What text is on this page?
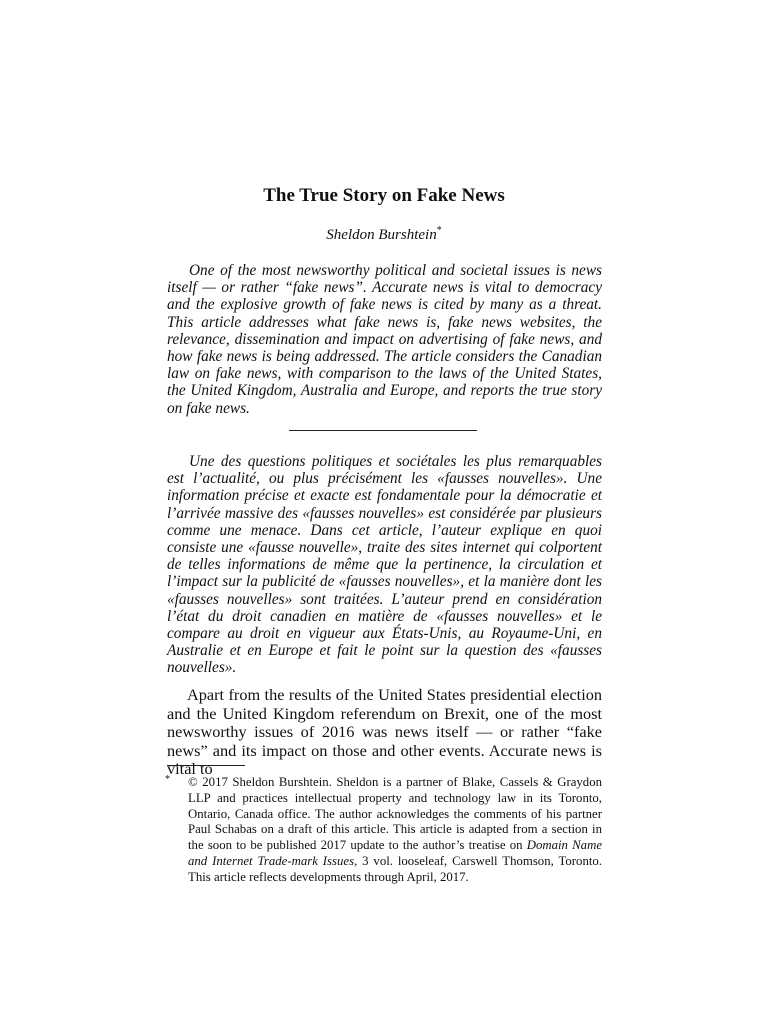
The True Story on Fake News
Sheldon Burshtein*

One of the most newsworthy political and societal issues is news itself — or rather “fake news”. Accurate news is vital to democracy and the explosive growth of fake news is cited by many as a threat. This article addresses what fake news is, fake news websites, the relevance, dissemination and impact on advertising of fake news, and how fake news is being addressed. The article considers the Canadian law on fake news, with comparison to the laws of the United States, the United Kingdom, Australia and Europe, and reports the true story on fake news.

Une des questions politiques et sociétales les plus remarquables est l’actualité, ou plus précisément les «fausses nouvelles». Une information précise et exacte est fondamentale pour la démocratie et l’arrivée massive des «fausses nouvelles» est considérée par plusieurs comme une menace. Dans cet article, l’auteur explique en quoi consiste une «fausse nouvelle», traite des sites internet qui colportent de telles informations de même que la pertinence, la circulation et l’impact sur la publicité de «fausses nouvelles», et la manière dont les «fausses nouvelles» sont traitées. L’auteur prend en considération l’état du droit canadien en matière de «fausses nouvelles» et le compare au droit en vigueur aux États-Unis, au Royaume-Uni, en Australie et en Europe et fait le point sur la question des «fausses nouvelles».

Apart from the results of the United States presidential election and the United Kingdom referendum on Brexit, one of the most newsworthy issues of 2016 was news itself — or rather “fake news” and its impact on those and other events. Accurate news is vital to

*	© 2017 Sheldon Burshtein. Sheldon is a partner of Blake, Cassels & Graydon LLP and practices intellectual property and technology law in its Toronto, Ontario, Canada office. The author acknowledges the comments of his partner Paul Schabas on a draft of this article. This article is adapted from a section in the soon to be published 2017 update to the author’s treatise on Domain Name and Internet Trade-mark Issues, 3 vol. looseleaf, Carswell Thomson, Toronto. This article reflects developments through April, 2017.
